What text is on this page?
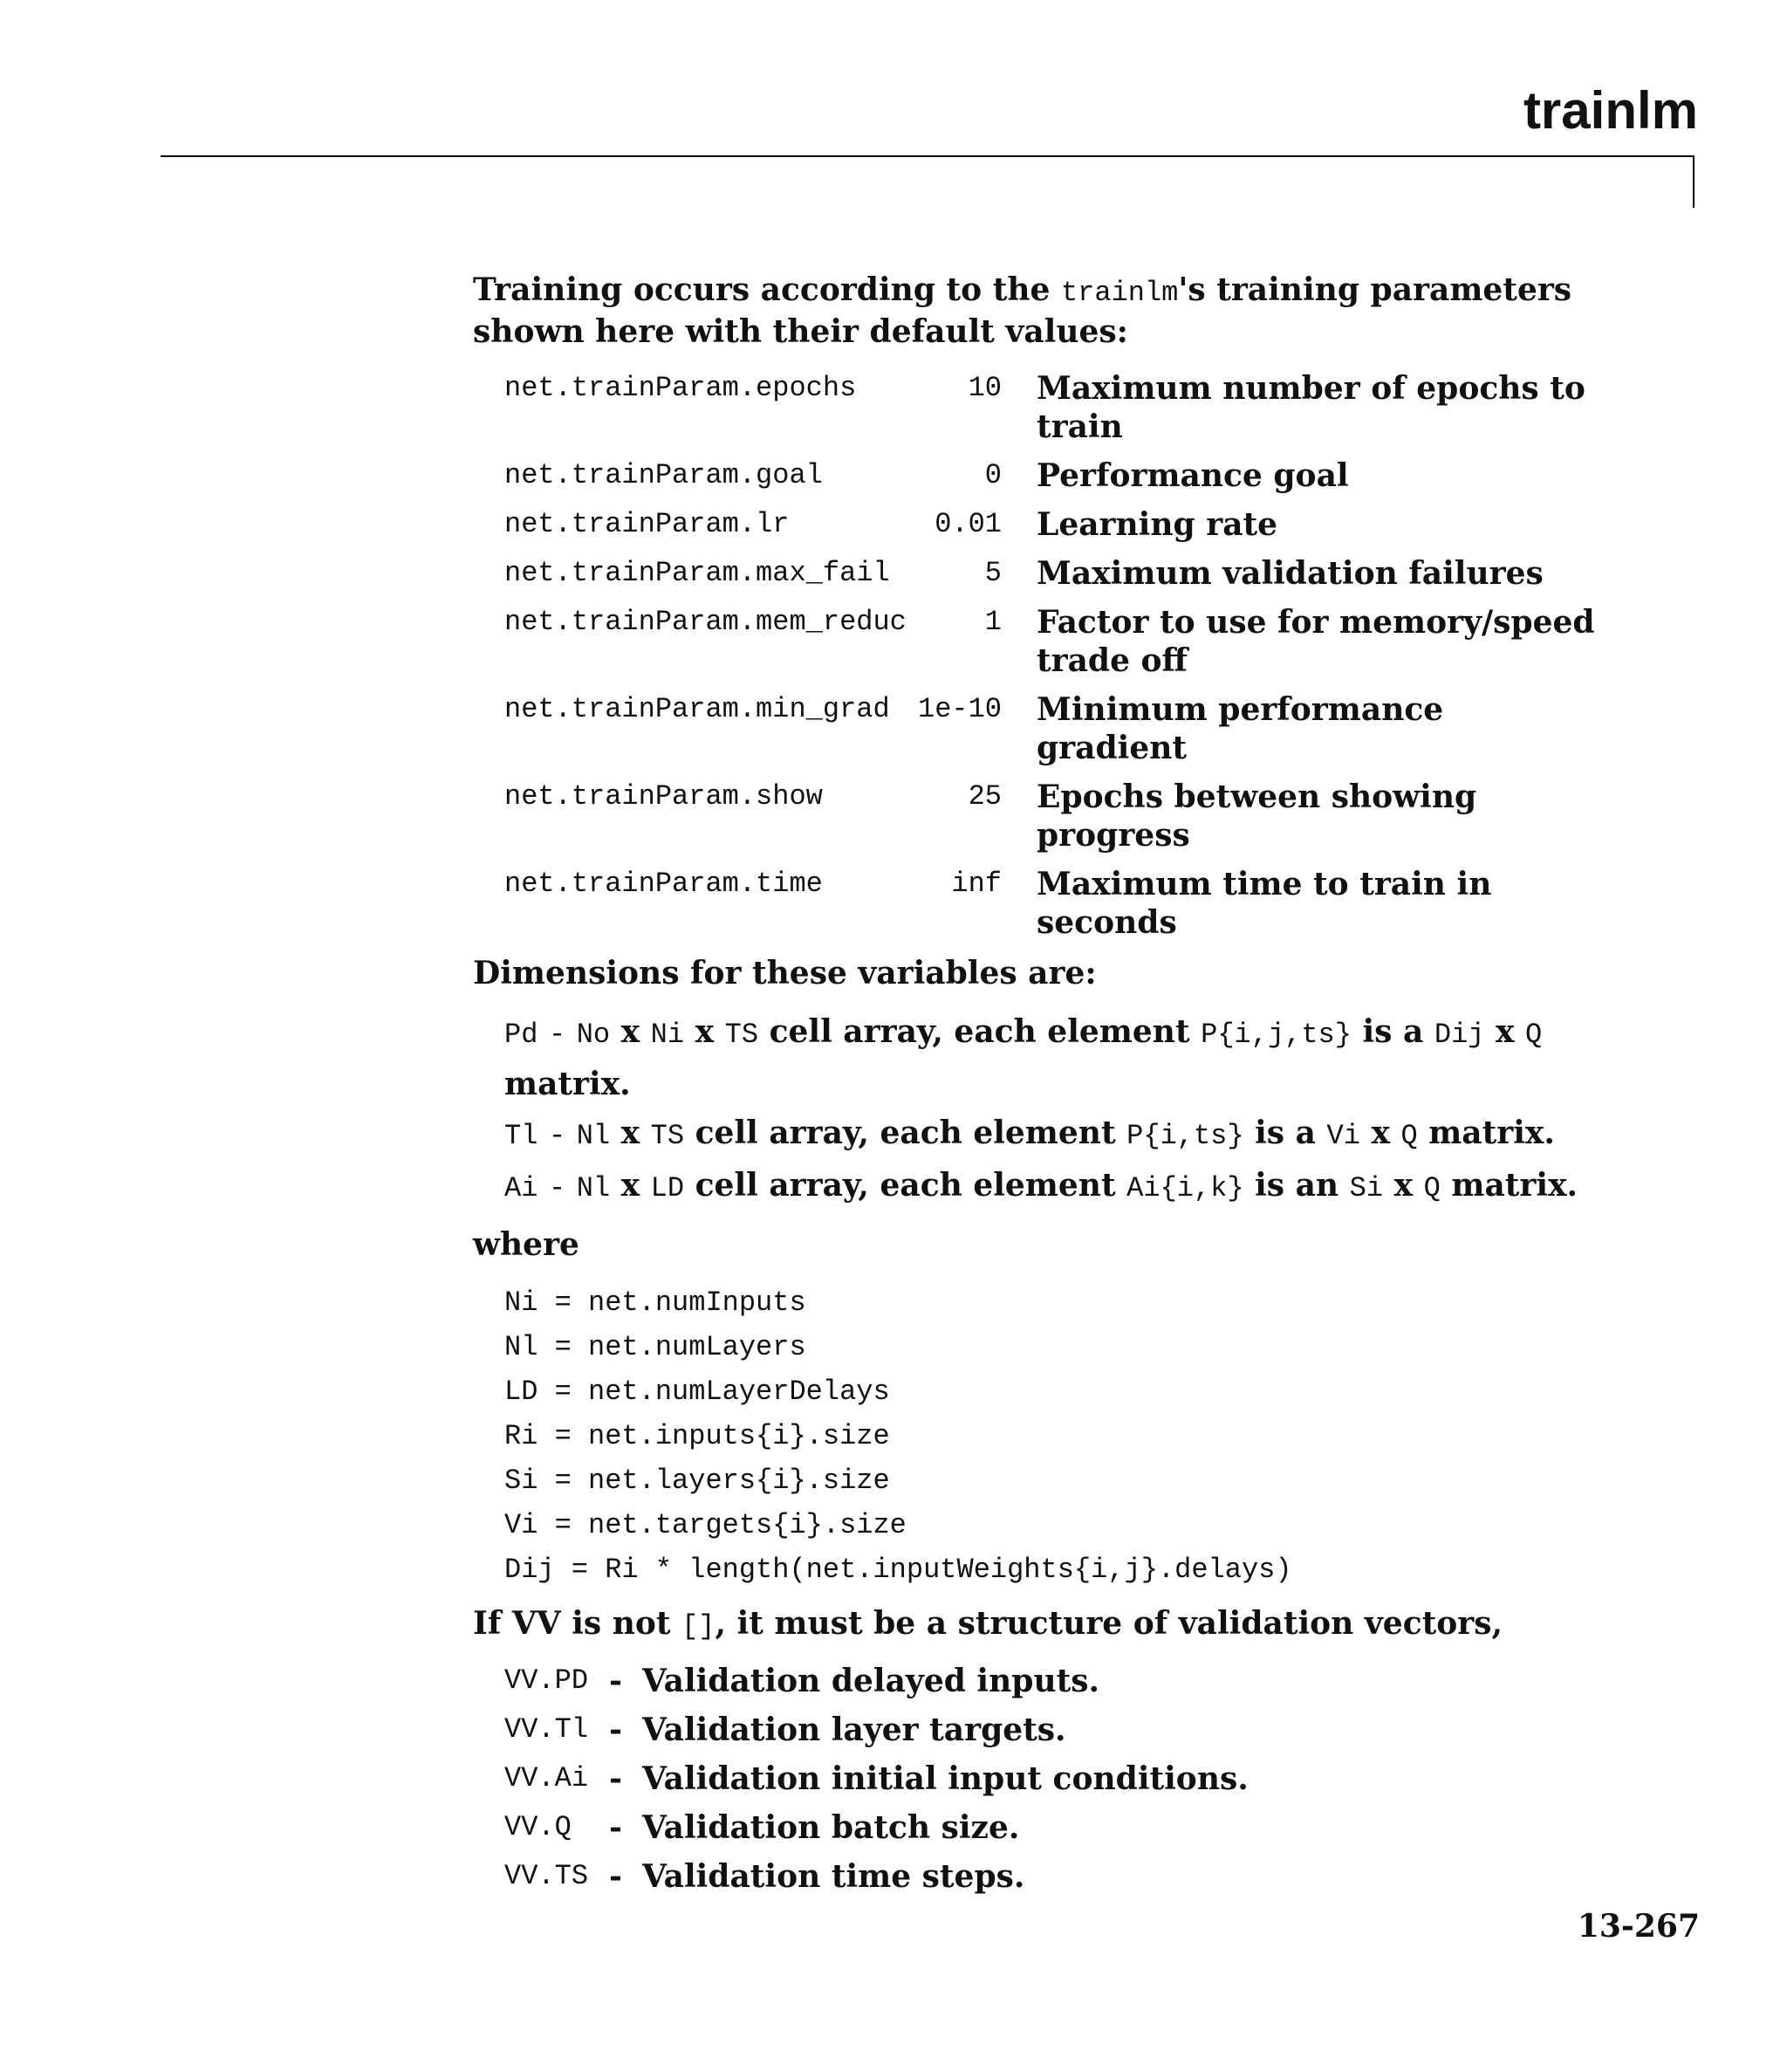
trainlm

Training occurs according to the trainlm's training parameters shown here with their default values:

net.trainParam.epochs	10 Maximum number of epochs to train
net.trainParam.goal	0 Performance goal
net.trainParam.lr	0.01 Learning rate
net.trainParam.max_fail	5 Maximum validation failures
net.trainParam.mem_reduc	1 Factor to use for memory/speed trade off
net.trainParam.min_grad	1e-10 Minimum performance gradient
net.trainParam.show	25 Epochs between showing progress
net.trainParam.time	inf Maximum time to train in seconds

Dimensions for these variables are:

Pd - No x Ni x TS cell array, each element P{i,j,ts} is a Dij x Q matrix.
Tl - Nl x TS cell array, each element P{i,ts} is a Vi x Q matrix.
Ai - Nl x LD cell array, each element Ai{i,k} is an Si x Q matrix.

where

Ni = net.numInputs
Nl = net.numLayers
LD = net.numLayerDelays
Ri = net.inputs{i}.size
Si = net.layers{i}.size
Vi = net.targets{i}.size
Dij = Ri * length(net.inputWeights{i,j}.delays)

If VV is not [], it must be a structure of validation vectors,

VV.PD - Validation delayed inputs.
VV.Tl - Validation layer targets.
VV.Ai - Validation initial input conditions.
VV.Q	- Validation batch size.
VV.TS - Validation time steps.
13-267
